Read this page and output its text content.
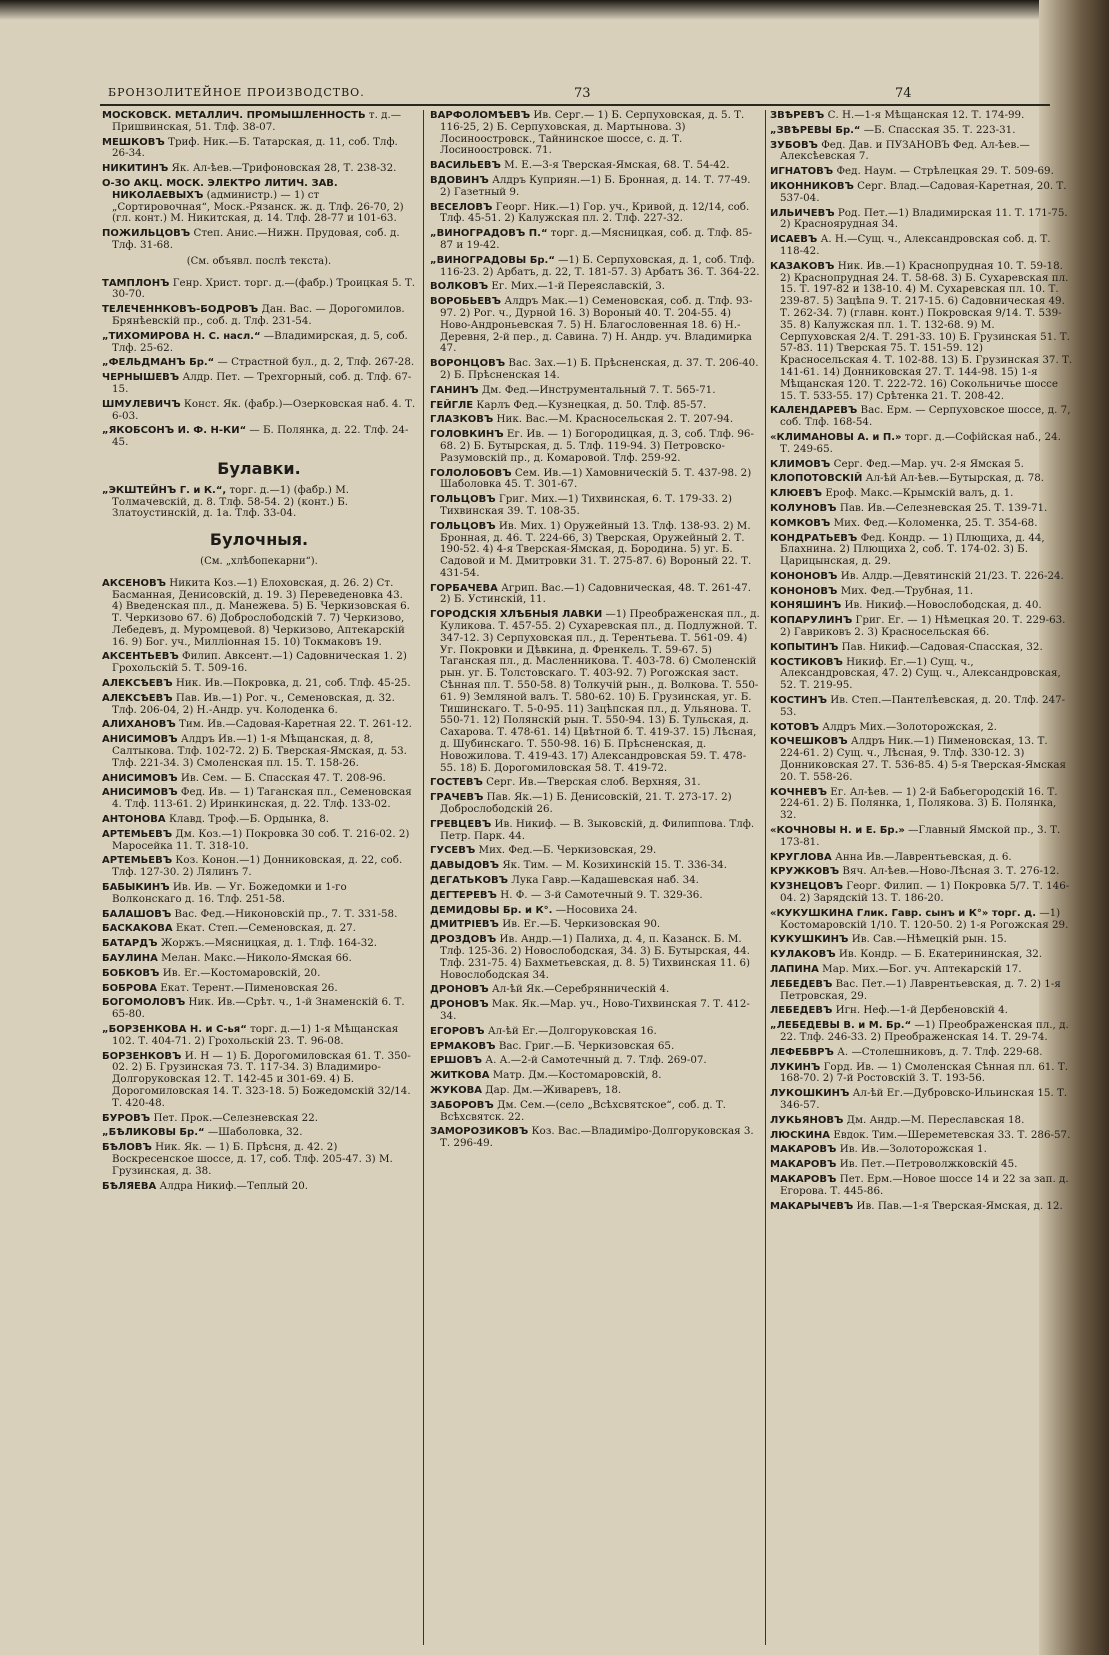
БРОНЗОЛИТЕЙНОЕ ПРОИЗВОДСТВО.	73	74

МОСКОВСК. МЕТАЛЛИЧ. ПРОМЫШЛЕННОСТЬ т. д.—Пришвинская, 51. Тлф. 38-07.

МЕШКОВЪ Триф. Ник.—Б. Татарская, д. 11, соб. Тлф. 26-34.

НИКИТИНЪ Як. Ал-ѣев.—Трифоновская 28, Т. 238-32.

О-ЗО АКЦ. МОСК. ЭЛЕКТРО ЛИТИЧ. ЗАВ. НИКОЛАЕВЫХЪ (администр.) — 1) ст „Сортировочная“, Моск.-Рязанск. ж. д. Тлф. 26-70, 2) (гл. конт.) М. Никитская, д. 14. Тлф. 28-77 и 101-63.

ПОЖИЛЬЦОВЪ Степ. Анис.—Нижн. Прудовая, соб. д. Тлф. 31-68.

(См. объявл. послѣ текста).

ТАМПЛОНЪ Генр. Христ. торг. д.—(фабр.) Троицкая 5. Т. 30-70.

ТЕЛЕЧЕННКОВЪ-БОДРОВЪ Дан. Вас. — Дорогомилов. Брянѣевскій пр., соб. д. Тлф. 231-54.

„ТИХОМИРОВА Н. С. насл.“ —Владимирская, д. 5, соб. Тлф. 25-62.

„ФЕЛЬДМАНЪ Бр.“ — Страстной бул., д. 2, Тлф. 267-28.

ЧЕРНЫШЕВЪ Алдр. Пет. — Трехгорный, соб. д. Тлф. 67-15.

ШМУЛЕВИЧЪ Конст. Як. (фабр.)—Озерковская наб. 4. Т. 6-03.

„ЯКОБСОНЪ И. Ф. Н-КИ“ — Б. Полянка, д. 22. Тлф. 24-45.

Булавки.

„ЭКШТЕЙНЪ Г. и К.“, торг. д.—1) (фабр.) М. Толмачевскій, д. 8. Тлф. 58-54. 2) (конт.) Б. Златоустинскій, д. 1а. Тлф. 33-04.

Булочныя.
(См. „хлѣбопекарни“).

АКСЕНОВЪ Никита Коз.—1) Елоховская, д. 26. 2) Ст. Басманная, Денисовскій, д. 19. 3) Переведеновка 43. 4) Введенская пл., д. Манежева. 5) Б. Черкизовская 6. Т. Черкизово 67. 6) Доброслободскій 7. 7) Черкизово, Лебедевъ, д. Муромцевой. 8) Черкизово, Аптекарскій 16. 9) Бог. уч., Милліонная 15. 10) Токмаковъ 19.

АКСЕНТЬЕВЪ Филип. Авксент.—1) Садовническая 1. 2) Грохольскій 5. Т. 509-16.

АЛЕКСѢЕВЪ Ник. Ив.—Покровка, д. 21, соб. Тлф. 45-25.

АЛЕКСѢЕВЪ Пав. Ив.—1) Рог. ч., Семеновская, д. 32. Тлф. 206-04, 2) Н.-Андр. уч. Колоденка 6.

АЛИХАНОВЪ Тим. Ив.—Садовая-Каретная 22. Т. 261-12.

АНИСИМОВЪ Алдръ Ив.—1) 1-я Мѣщанская, д. 8, Салтыкова. Тлф. 102-72. 2) Б. Тверская-Ямская, д. 53. Тлф. 221-34. 3) Смоленская пл. 15. Т. 158-26.

АНИСИМОВЪ Ив. Сем. — Б. Спасская 47. Т. 208-96.

АНИСИМОВЪ Фед. Ив. — 1) Таганская пл., Семеновская 4. Тлф. 113-61. 2) Иринкинская, д. 22. Тлф. 133-02.

АНТОНОВА Клавд. Троф.—Б. Ордынка, 8.

АРТЕМЬЕВЪ Дм. Коз.—1) Покровка 30 соб. Т. 216-02. 2) Маросейка 11. Т. 318-10.

АРТЕМЬЕВЪ Коз. Конон.—1) Донниковская, д. 22, соб. Тлф. 127-30. 2) Лялинъ 7.

БАБЫКИНЪ Ив. Ив. — Уг. Божедомки и 1-го Волконскаго д. 16. Тлф. 251-58.

БАЛАШОВЪ Вас. Фед.—Никоновскій пр., 7. Т. 331-58.

БАСКАКОВА Екат. Степ.—Семеновская, д. 27.

БАТАРДЪ Жоржъ.—Мясницкая, д. 1. Тлф. 164-32.

БАУЛИНА Мелан. Макс.—Николо-Ямская 66.

БОБКОВЪ Ив. Ег.—Костомаровскій, 20.

БОБРОВА Екат. Терент.—Пименовская 26.

БОГОМОЛОВЪ Ник. Ив.—Срѣт. ч., 1-й Знаменскій 6. Т. 65-80.

„БОРЗЕНКОВА Н. и С-ья“ торг. д.—1) 1-я Мѣщанская 102. Т. 404-71. 2) Грохольскій 23. Т. 96-08.

БОРЗЕНКОВЪ И. Н — 1) Б. Дорогомиловская 61. Т. 350-02. 2) Б. Грузинская 73. Т. 117-34. 3) Владимиро-Долгоруковская 12. Т. 142-45 и 301-69. 4) Б. Дорогомиловская 14. Т. 323-18. 5) Божедомскій 32/14. Т. 420-48.

БУРОВЪ Пет. Прок.—Селезневская 22.

„БѢЛИКОВЫ Бр.“ —Шаболовка, 32.

БѢЛОВЪ Ник. Як. — 1) Б. Прѣсня, д. 42. 2) Воскресенское шоссе, д. 17, соб. Тлф. 205-47. 3) М. Грузинская, д. 38.

БѢЛЯЕВА Алдра Никиф.—Теплый 20.

ВАРФОЛОМѢЕВЪ Ив. Серг.— 1) Б. Серпуховская, д. 5. Т. 116-25, 2) Б. Серпуховская, д. Мартынова. 3) Лосиноостровск., Тайнинское шоссе, с. д. Т. Лосиноостровск. 71.

ВАСИЛЬЕВЪ М. Е.—3-я Тверская-Ямская, 68. Т. 54-42.

ВДОВИНЪ Алдръ Куприян.—1) Б. Бронная, д. 14. Т. 77-49. 2) Газетный 9.

ВЕСЕЛОВЪ Георг. Ник.—1) Гор. уч., Кривой, д. 12/14, соб. Тлф. 45-51. 2) Калужская пл. 2. Тлф. 227-32.

„ВИНОГРАДОВЪ П.“ торг. д.—Мясницкая, соб. д. Тлф. 85-87 и 19-42.

„ВИНОГРАДОВЫ Бр.“ —1) Б. Серпуховская, д. 1, соб. Тлф. 116-23. 2) Арбатъ, д. 22, Т. 181-57. 3) Арбатъ 36. Т. 364-22.

ВОЛКОВЪ Ег. Мих.—1-й Переяславскій, 3.

ВОРОБЬЕВЪ Алдръ Мак.—1) Семеновская, соб. д. Тлф. 93-97. 2) Рог. ч., Дурной 16. 3) Вороный 40. Т. 204-55. 4) Ново-Андроньевская 7. 5) Н. Благословенная 18. 6) Н.-Деревня, 2-й пер., д. Савина. 7) Н. Андр. уч. Владимирка 47.

ВОРОНЦОВЪ Вас. Зах.—1) Б. Прѣсненская, д. 37. Т. 206-40. 2) Б. Прѣсненская 14.

ГАНИНЪ Дм. Фед.—Инструментальный 7. Т. 565-71.

ГЕЙГЛЕ Карлъ Фед.—Кузнецкая, д. 50. Тлф. 85-57.

ГЛАЗКОВЪ Ник. Вас.—М. Красносельская 2. Т. 207-94.

ГОЛОВКИНЪ Ег. Ив. — 1) Богородицкая, д. 3, соб. Тлф. 96-68. 2) Б. Бутырская, д. 5. Тлф. 119-94. 3) Петровско-Разумовскій пр., д. Комаровой. Тлф. 259-92.

ГОЛОЛОБОВЪ Сем. Ив.—1) Хамовническій 5. Т. 437-98. 2) Шаболовка 45. Т. 301-67.

ГОЛЬЦОВЪ Григ. Мих.—1) Тихвинская, 6. Т. 179-33. 2) Тихвинская 39. Т. 108-35.

ГОЛЬЦОВЪ Ив. Мих. 1) Оружейный 13. Тлф. 138-93. 2) М. Бронная, д. 46. Т. 224-66, 3) Тверская, Оружейный 2. Т. 190-52. 4) 4-я Тверская-Ямская, д. Бородина. 5) уг. Б. Садовой и М. Дмитровки 31. Т. 275-87. 6) Вороный 22. Т. 431-54.

ГОРБАЧЕВА Агрип. Вас.—1) Садовническая, 48. Т. 261-47. 2) Б. Устинскій, 11.

ГОРОДСКІЯ ХЛѢБНЫЯ ЛАВКИ —1) Преображенская пл., д. Куликова. Т. 457-55. 2) Сухаревская пл., д. Подлужной. Т. 347-12. 3) Серпуховская пл., д. Терентьева. Т. 561-09. 4) Уг. Покровки и Дѣвкина, д. Френкель. Т. 59-67. 5) Таганская пл., д. Масленникова. Т. 403-78. 6) Смоленскій рын. уг. Б. Толстовскаго. Т. 403-92. 7) Рогожская заст. Сѣнная пл. Т. 550-58. 8) Толкучій рын., д. Волкова. Т. 550-61. 9) Земляной валъ. Т. 580-62. 10) Б. Грузинская, уг. Б. Тишинскаго. Т. 5-0-95. 11) Зацѣпская пл., д. Ульянова. Т. 550-71. 12) Полянскій рын. Т. 550-94. 13) Б. Тульская, д. Сахарова. Т. 478-61. 14) Цвѣтной б. Т. 419-37. 15) Лѣсная, д. Шубинскаго. Т. 550-98. 16) Б. Прѣсненская, д. Новожилова. Т. 419-43. 17) Александровская 59. Т. 478-55. 18) Б. Дорогомиловская 58. Т. 419-72.

ГОСТЕВЪ Серг. Ив.—Тверская слоб. Верхняя, 31.

ГРАЧЕВЪ Пав. Як.—1) Б. Денисовскій, 21. Т. 273-17. 2) Доброслободскій 26.

ГРЕВЦЕВЪ Ив. Никиф. — В. Зыковскій, д. Филиппова. Тлф. Петр. Парк. 44.

ГУСЕВЪ Мих. Фед.—Б. Черкизовская, 29.

ДАВЫДОВЪ Як. Тим. — М. Козихинскій 15. Т. 336-34.

ДЕГАТЬКОВЪ Лука Гавр.—Кадашевская наб. 34.

ДЕГТЕРЕВЪ Н. Ф. — 3-й Самотечный 9. Т. 329-36.

ДЕМИДОВЫ Бр. и К°. —Носовиха 24.

ДМИТРІЕВЪ Ив. Ег.—Б. Черкизовская 90.

ДРОЗДОВЪ Ив. Андр.—1) Палиха, д. 4, п. Казанск. Б. М. Тлф. 125-36. 2) Новослободская, 34. 3) Б. Бутырская, 44. Тлф. 231-75. 4) Бахметьевская, д. 8. 5) Тихвинская 11. 6) Новослободская 34.

ДРОНОВЪ Ал-ѣй Як.—Серебрянническій 4.

ДРОНОВЪ Мак. Як.—Мар. уч., Ново-Тихвинская 7. Т. 412-34.

ЕГОРОВЪ Ал-ѣй Ег.—Долгоруковская 16.

ЕРМАКОВЪ Вас. Григ.—Б. Черкизовская 65.

ЕРШОВЪ А. А.—2-й Самотечный д. 7. Тлф. 269-07.

ЖИТКОВА Матр. Дм.—Костомаровскій, 8.

ЖУКОВА Дар. Дм.—Живаревъ, 18.

ЗАБОРОВЪ Дм. Сем.—(село „Всѣхсвятское“, соб. д. Т. Всѣхсвятск. 22.

ЗАМОРОЗИКОВЪ Коз. Вас.—Владиміро-Долгоруковская 3. Т. 296-49.

ЗВѢРЕВЪ С. Н.—1-я Мѣщанская 12. Т. 174-99.

„ЗВѢРЕВЫ Бр.“ —Б. Спасская 35. Т. 223-31.

ЗУБОВЪ Фед. Дав. и ПУЗАНОВЪ Фед. Ал-ѣев.—Алексѣевская 7.

ИГНАТОВЪ Фед. Наум. — Стрѣлецкая 29. Т. 509-69.

ИКОННИКОВЪ Серг. Влад.—Садовая-Каретная, 20. Т. 537-04.

ИЛЬИЧЕВЪ Род. Пет.—1) Владимирская 11. Т. 171-75. 2) Красноярудная 34.

ИСАЕВЪ А. Н.—Сущ. ч., Александровская соб. д. Т. 118-42.

КАЗАКОВЪ Ник. Ив.—1) Краснопрудная 10. Т. 59-18. 2) Краснопрудная 24. Т. 58-68. 3) Б. Сухаревская пл. 15. Т. 197-82 и 138-10. 4) М. Сухаревская пл. 10. Т. 239-87. 5) Зацѣпа 9. Т. 217-15. 6) Садовническая 49. Т. 262-34. 7) (главн. конт.) Покровская 9/14. Т. 539-35. 8) Калужская пл. 1. Т. 132-68. 9) М. Серпуховская 2/4. Т. 291-33. 10) Б. Грузинская 51. Т. 57-83. 11) Тверская 75. Т. 151-59. 12) Красносельская 4. Т. 102-88. 13) Б. Грузинская 37. Т. 141-61. 14) Донниковская 27. Т. 144-98. 15) 1-я Мѣщанская 120. Т. 222-72. 16) Сокольничье шоссе 15. Т. 533-55. 17) Срѣтенка 21. Т. 208-42.

КАЛЕНДАРЕВЪ Вас. Ерм. — Серпуховское шоссе, д. 7, соб. Тлф. 168-54.

«КЛИМАНОВЫ А. и П.» торг. д.—Софійская наб., 24. Т. 249-65.

КЛИМОВЪ Серг. Фед.—Мар. уч. 2-я Ямская 5.

КЛОПОТОВСКІЙ Ал-ѣй Ал-ѣев.—Бутырская, д. 78.

КЛЮЕВЪ Ероф. Макс.—Крымскій валъ, д. 1.

КОЛУНОВЪ Пав. Ив.—Селезневская 25. Т. 139-71.

КОМКОВЪ Мих. Фед.—Коломенка, 25. Т. 354-68.

КОНДРАТЬЕВЪ Фед. Кондр. — 1) Плющиха, д. 44, Блахнина. 2) Плющиха 2, соб. Т. 174-02. 3) Б. Царицынская, д. 29.

КОНОНОВЪ Ив. Алдр.—Девятинскій 21/23. Т. 226-24.

КОНОНОВЪ Мих. Фед.—Трубная, 11.

КОНЯШИНЪ Ив. Никиф.—Новослободская, д. 40.

КОПАРУЛИНЪ Григ. Ег. — 1) Нѣмецкая 20. Т. 229-63. 2) Гавриковъ 2. 3) Красносельская 66.

КОПЫТИНЪ Пав. Никиф.—Садовая-Спасская, 32.

КОСТИКОВЪ Никиф. Ег.—1) Сущ. ч., Александровская, 47. 2) Сущ. ч., Александровская, 52. Т. 219-95.

КОСТИНЪ Ив. Степ.—Пантелѣевская, д. 20. Тлф. 247-53.

КОТОВЪ Алдръ Мих.—Золоторожская, 2.

КОЧЕШКОВЪ Алдръ Ник.—1) Пименовская, 13. Т. 224-61. 2) Сущ. ч., Лѣсная, 9. Тлф. 330-12. 3) Донниковская 27. Т. 536-85. 4) 5-я Тверская-Ямская 20. Т. 558-26.

КОЧНЕВЪ Ег. Ал-ѣев. — 1) 2-й Бабьегородскій 16. Т. 224-61. 2) Б. Полянка, 1, Полякова. 3) Б. Полянка, 32.

«КОЧНОВЫ Н. и Е. Бр.» —Главный Ямской пр., 3. Т. 173-81.

КРУГЛОВА Анна Ив.—Лаврентьевская, д. 6.

КРУЖКОВЪ Вяч. Ал-ѣев.—Ново-Лѣсная 3. Т. 276-12.

КУЗНЕЦОВЪ Георг. Филип. — 1) Покровка 5/7. Т. 146-04. 2) Зарядскій 13. Т. 186-20.

«КУКУШКИНА Глик. Гавр. сынъ и К°» торг. д. —1) Костомаровскій 1/10. Т. 120-50. 2) 1-я Рогожская 29.

КУКУШКИНЪ Ив. Сав.—Нѣмецкій рын. 15.

КУЛАКОВЪ Ив. Кондр. — Б. Екатерининская, 32.

ЛАПИНА Мар. Мих.—Бог. уч. Аптекарскій 17.

ЛЕБЕДЕВЪ Вас. Пет.—1) Лаврентьевская, д. 7. 2) 1-я Петровская, 29.

ЛЕБЕДЕВЪ Игн. Неф.—1-й Дербеновскій 4.

„ЛЕБЕДЕВЫ В. и М. Бр.“ —1) Преображенская пл., д. 22. Тлф. 246-33. 2) Преображенская 14. Т. 29-74.

ЛЕФЕБВРЪ А. —Столешниковъ, д. 7. Тлф. 229-68.

ЛУКИНЪ Горд. Ив. — 1) Смоленская Сѣнная пл. 61. Т. 168-70. 2) 7-й Ростовскій 3. Т. 193-56.

ЛУКОШКИНЪ Ал-ѣй Ег.—Дубровско-Ильинская 15. Т. 346-57.

ЛУКЬЯНОВЪ Дм. Андр.—М. Переславская 18.

ЛЮСКИНА Евдок. Тим.—Шереметевская 33. Т. 286-57.

МАКАРОВЪ Ив. Ив.—Золоторожская 1.

МАКАРОВЪ Ив. Пет.—Петроволжковскій 45.

МАКАРОВЪ Пет. Ерм.—Новое шоссе 14 и 22 за зап. д. Егорова. Т. 445-86.

МАКАРЫЧЕВЪ Ив. Пав.—1-я Тверская-Ямская, д. 12.
